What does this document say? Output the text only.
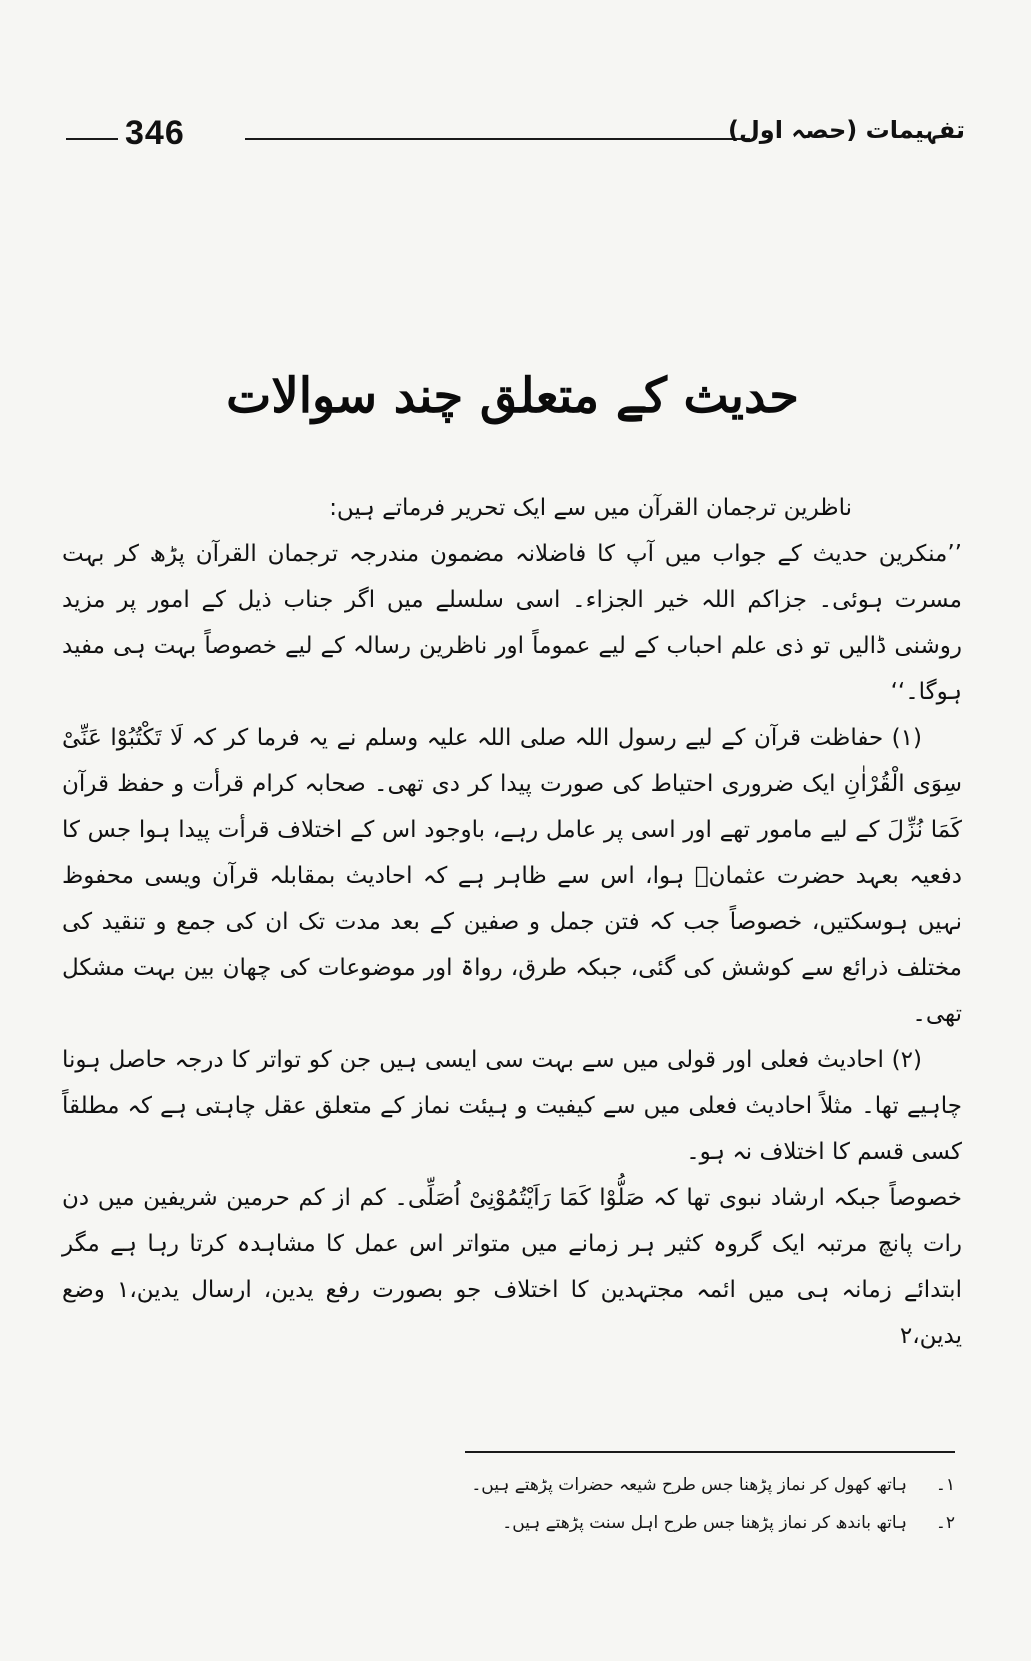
346	تفہیمات (حصہ اول)
حدیث کے متعلق چند سوالات

ناظرین ترجمان القرآن میں سے ایک تحریر فرماتے ہیں:

’’منکرین حدیث کے جواب میں آپ کا فاضلانہ مضمون مندرجہ ترجمان القرآن پڑھ کر بہت مسرت ہوئی۔ جزاکم اللہ خیر الجزاء۔ اسی سلسلے میں اگر جناب ذیل کے امور پر مزید روشنی ڈالیں تو ذی علم احباب کے لیے عموماً اور ناظرین رسالہ کے لیے خصوصاً بہت ہی مفید ہوگا۔‘‘

(۱) حفاظت قرآن کے لیے رسول اللہ صلی اللہ علیہ وسلم نے یہ فرما کر کہ لَا تَكْتُبُوْا عَنِّیْ سِوَی الْقُرْاٰنِ ایک ضروری احتیاط کی صورت پیدا کر دی تھی۔ صحابہ کرام قرأت و حفظ قرآن کَمَا نُزِّلَ کے لیے مامور تھے اور اسی پر عامل رہے، باوجود اس کے اختلاف قرأت پیدا ہوا جس کا دفعیہ بعہد حضرت عثمانؓ ہوا، اس سے ظاہر ہے کہ احادیث بمقابلہ قرآن ویسی محفوظ نہیں ہوسکتیں، خصوصاً جب کہ فتن جمل و صفین کے بعد مدت تک ان کی جمع و تنقید کی مختلف ذرائع سے کوشش کی گئی، جبکہ طرق، رواۃ اور موضوعات کی چھان بین بہت مشکل تھی۔

(۲) احادیث فعلی اور قولی میں سے بہت سی ایسی ہیں جن کو تواتر کا درجہ حاصل ہونا چاہیے تھا۔ مثلاً احادیث فعلی میں سے کیفیت و ہیئت نماز کے متعلق عقل چاہتی ہے کہ مطلقاً کسی قسم کا اختلاف نہ ہو۔

خصوصاً جبکہ ارشاد نبوی تھا کہ صَلُّوْا كَمَا رَاَيْتُمُوْنِیْ اُصَلِّی۔ کم از کم حرمین شریفین میں دن رات پانچ مرتبہ ایک گروہ کثیر ہر زمانے میں متواتر اس عمل کا مشاہدہ کرتا رہا ہے مگر ابتدائے زمانہ ہی میں ائمہ مجتہدین کا اختلاف جو بصورت رفع یدین، ارسال یدین،۱ وضع یدین،۲

۱۔
ہاتھ کھول کر نماز پڑھنا جس طرح شیعہ حضرات پڑھتے ہیں۔
۲۔
ہاتھ باندھ کر نماز پڑھنا جس طرح اہل سنت پڑھتے ہیں۔
